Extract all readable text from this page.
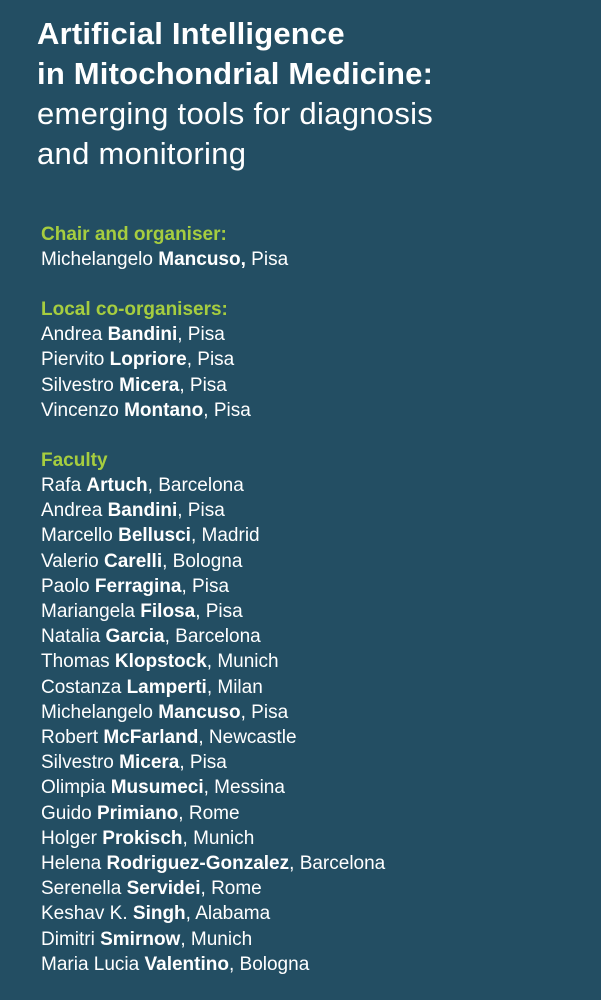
Artificial Intelligence
in Mitochondrial Medicine:
emerging tools for diagnosis
and monitoring
Chair and organiser:
Michelangelo Mancuso, Pisa
Local co-organisers:
Andrea Bandini, Pisa
Piervito Lopriore, Pisa
Silvestro Micera, Pisa
Vincenzo Montano, Pisa
Faculty
Rafa Artuch, Barcelona
Andrea Bandini, Pisa
Marcello Bellusci, Madrid
Valerio Carelli, Bologna
Paolo Ferragina, Pisa
Mariangela Filosa, Pisa
Natalia Garcia, Barcelona
Thomas Klopstock, Munich
Costanza Lamperti, Milan
Michelangelo Mancuso, Pisa
Robert McFarland, Newcastle
Silvestro Micera, Pisa
Olimpia Musumeci, Messina
Guido Primiano, Rome
Holger Prokisch, Munich
Helena Rodriguez-Gonzalez, Barcelona
Serenella Servidei, Rome
Keshav K. Singh, Alabama
Dimitri Smirnow, Munich
Maria Lucia Valentino, Bologna
